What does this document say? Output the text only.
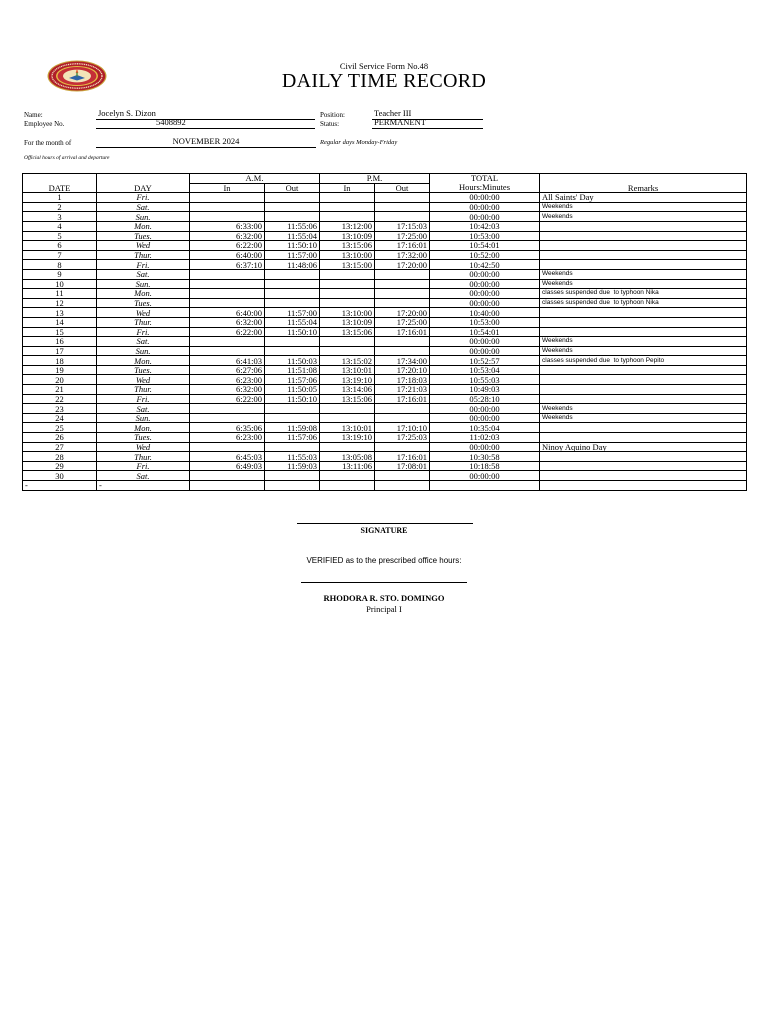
Civil Service Form No.48
DAILY TIME RECORD
Name:	Jocelyn S. Dizon
Employee No.	5408892
Position:	Teacher III
Status:	PERMANENT
For the month of	NOVEMBER 2024	Regular days Monday-Friday
Official hours of arrival and departure
DATE	DAY	A.M.		P.M.		TOTAL
Hours:Minutes	Remarks
		In	Out	In	Out		
1	Fri.					00:00:00	All Saints' Day
2	Sat.					00:00:00	Weekends
3	Sun.					00:00:00	Weekends
4	Mon.	6:33:00	11:55:06	13:12:00	17:15:03	10:42:03	
5	Tues.	6:32:00	11:55:04	13:10:09	17:25:00	10:53:00	
6	Wed	6:22:00	11:50:10	13:15:06	17:16:01	10:54:01	
7	Thur.	6:40:00	11:57:00	13:10:00	17:32:00	10:52:00	
8	Fri.	6:37:10	11:48:06	13:15:00	17:20:00	10:42:50	
9	Sat.					00:00:00	Weekends
10	Sun.					00:00:00	Weekends
11	Mon.					00:00:00	classes suspended due  to typhoon Nika
12	Tues.					00:00:00	classes suspended due  to typhoon Nika
13	Wed	6:40:00	11:57:00	13:10:00	17:20:00	10:40:00	
14	Thur.	6:32:00	11:55:04	13:10:09	17:25:00	10:53:00	
15	Fri.	6:22:00	11:50:10	13:15:06	17:16:01	10:54:01	
16	Sat.					00:00:00	Weekends
17	Sun.					00:00:00	Weekends
18	Mon.	6:41:03	11:50:03	13:15:02	17:34:00	10:52:57	classes suspended due  to typhoon Pepito
19	Tues.	6:27:06	11:51:08	13:10:01	17:20:10	10:53:04	
20	Wed	6:23:00	11:57:06	13:19:10	17:18:03	10:55:03	
21	Thur.	6:32:00	11:50:05	13:14:06	17:21:03	10:49:03	
22	Fri.	6:22:00	11:50:10	13:15:06	17:16:01	05:28:10	
23	Sat.					00:00:00	Weekends
24	Sun.					00:00:00	Weekends
25	Mon.	6:35:06	11:59:08	13:10:01	17:10:10	10:35:04	
26	Tues.	6:23:00	11:57:06	13:19:10	17:25:03	11:02:03	
27	Wed					00:00:00	Ninoy Aquino Day
28	Thur.	6:45:03	11:55:03	13:05:08	17:16:01	10:30:58	
29	Fri.	6:49:03	11:59:03	13:11:06	17:08:01	10:18:58	
30	Sat.					00:00:00	
-	-						
SIGNATURE
VERIFIED as to the prescribed office hours:
RHODORA R. STO. DOMINGO
Principal I
